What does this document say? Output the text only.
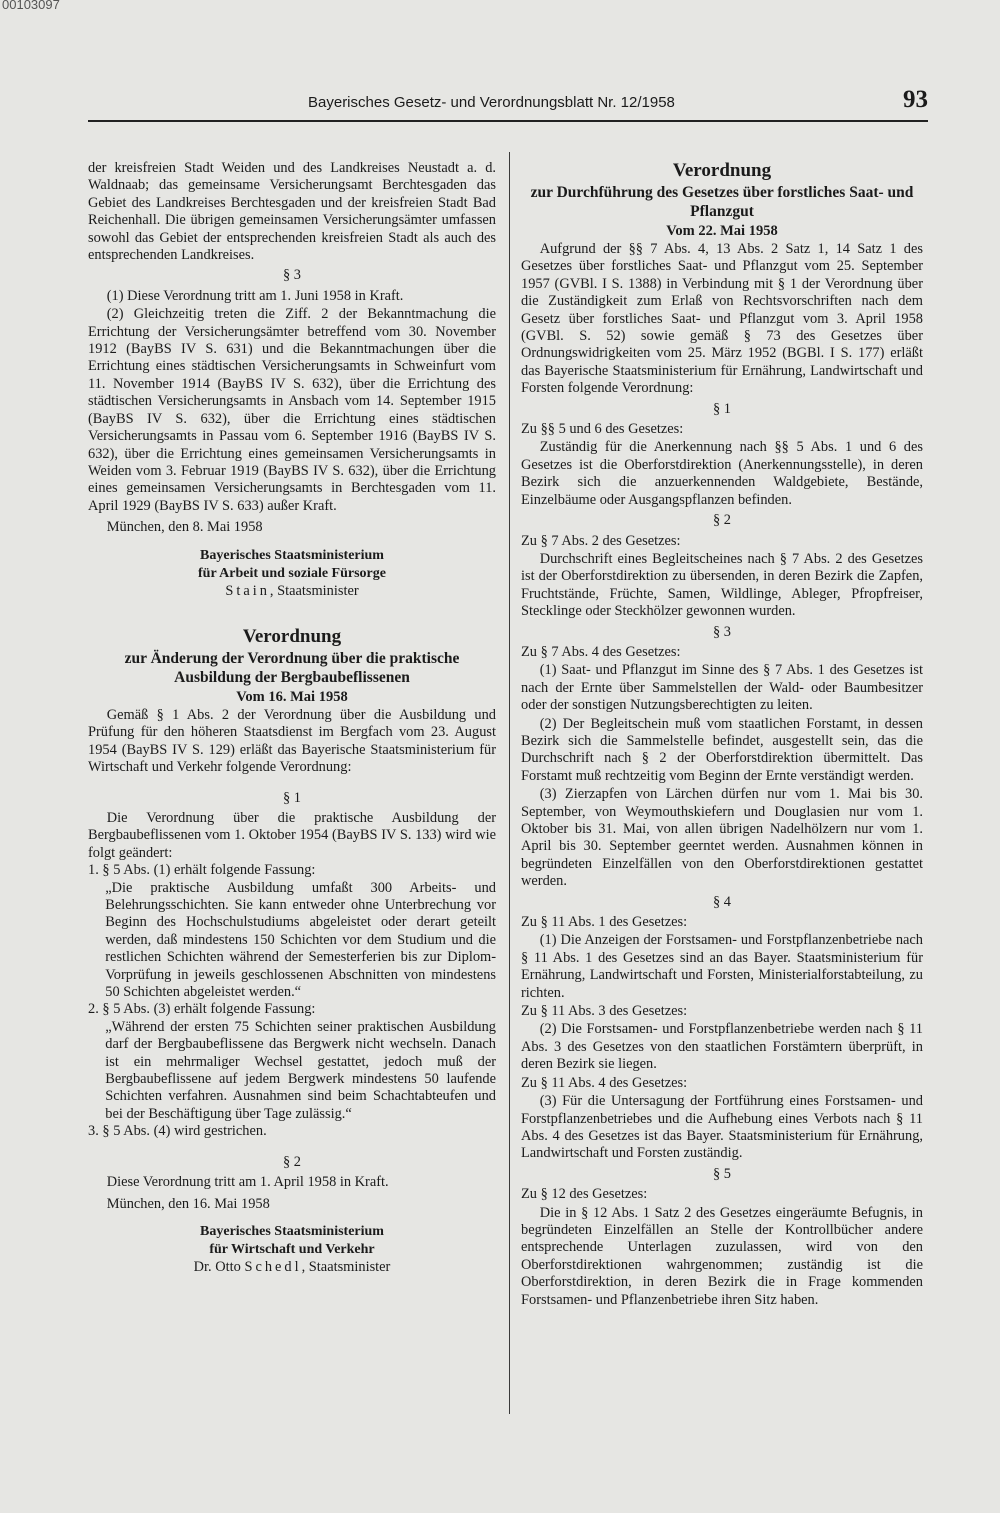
00103097
Bayerisches Gesetz- und Verordnungsblatt Nr. 12/1958	93

der kreisfreien Stadt Weiden und des Landkreises Neustadt a. d. Waldnaab; das gemeinsame Versicherungsamt Berchtesgaden das Gebiet des Landkreises Berchtesgaden und der kreisfreien Stadt Bad Reichenhall. Die übrigen gemeinsamen Versicherungsämter umfassen sowohl das Gebiet der entsprechenden kreisfreien Stadt als auch des entsprechenden Landkreises.

§ 3

(1) Diese Verordnung tritt am 1. Juni 1958 in Kraft.

(2) Gleichzeitig treten die Ziff. 2 der Bekanntmachung die Errichtung der Versicherungsämter betreffend vom 30. November 1912 (BayBS IV S. 631) und die Bekanntmachungen über die Errichtung eines städtischen Versicherungsamts in Schweinfurt vom 11. November 1914 (BayBS IV S. 632), über die Errichtung des städtischen Versicherungsamts in Ansbach vom 14. September 1915 (BayBS IV S. 632), über die Errichtung eines städtischen Versicherungsamts in Passau vom 6. September 1916 (BayBS IV S. 632), über die Errichtung eines gemeinsamen Versicherungsamts in Weiden vom 3. Februar 1919 (BayBS IV S. 632), über die Errichtung eines gemeinsamen Versicherungsamts in Berchtesgaden vom 11. April 1929 (BayBS IV S. 633) außer Kraft.

München, den 8. Mai 1958

Bayerisches Staatsministerium

für Arbeit und soziale Fürsorge

Stain, Staatsminister

Verordnung

zur Änderung der Verordnung über die praktische Ausbildung der Bergbaubeflissenen

Vom 16. Mai 1958

Gemäß § 1 Abs. 2 der Verordnung über die Ausbildung und Prüfung für den höheren Staatsdienst im Bergfach vom 23. August 1954 (BayBS IV S. 129) erläßt das Bayerische Staatsministerium für Wirtschaft und Verkehr folgende Verordnung:

§ 1

Die Verordnung über die praktische Ausbildung der Bergbaubeflissenen vom 1. Oktober 1954 (BayBS IV S. 133) wird wie folgt geändert:

1. § 5 Abs. (1) erhält folgende Fassung:
„Die praktische Ausbildung umfaßt 300 Arbeits- und Belehrungsschichten. Sie kann entweder ohne Unterbrechung vor Beginn des Hochschulstudiums abgeleistet oder derart geteilt werden, daß mindestens 150 Schichten vor dem Studium und die restlichen Schichten während der Semesterferien bis zur Diplom-Vorprüfung in jeweils geschlossenen Abschnitten von mindestens 50 Schichten abgeleistet werden.“
2. § 5 Abs. (3) erhält folgende Fassung:
„Während der ersten 75 Schichten seiner praktischen Ausbildung darf der Bergbaubeflissene das Bergwerk nicht wechseln. Danach ist ein mehrmaliger Wechsel gestattet, jedoch muß der Bergbaubeflissene auf jedem Bergwerk mindestens 50 laufende Schichten verfahren. Ausnahmen sind beim Schachtabteufen und bei der Beschäftigung über Tage zulässig.“
3. § 5 Abs. (4) wird gestrichen.

§ 2

Diese Verordnung tritt am 1. April 1958 in Kraft.

München, den 16. Mai 1958

Bayerisches Staatsministerium

für Wirtschaft und Verkehr

Dr. Otto Schedl, Staatsminister

Verordnung

zur Durchführung des Gesetzes über forstliches Saat- und Pflanzgut

Vom 22. Mai 1958

Aufgrund der §§ 7 Abs. 4, 13 Abs. 2 Satz 1, 14 Satz 1 des Gesetzes über forstliches Saat- und Pflanzgut vom 25. September 1957 (GVBl. I S. 1388) in Verbindung mit § 1 der Verordnung über die Zuständigkeit zum Erlaß von Rechtsvorschriften nach dem Gesetz über forstliches Saat- und Pflanzgut vom 3. April 1958 (GVBl. S. 52) sowie gemäß § 73 des Gesetzes über Ordnungswidrigkeiten vom 25. März 1952 (BGBl. I S. 177) erläßt das Bayerische Staatsministerium für Ernährung, Landwirtschaft und Forsten folgende Verordnung:

§ 1

Zu §§ 5 und 6 des Gesetzes:

Zuständig für die Anerkennung nach §§ 5 Abs. 1 und 6 des Gesetzes ist die Oberforstdirektion (Anerkennungsstelle), in deren Bezirk sich die anzuerkennenden Waldgebiete, Bestände, Einzelbäume oder Ausgangspflanzen befinden.

§ 2

Zu § 7 Abs. 2 des Gesetzes:

Durchschrift eines Begleitscheines nach § 7 Abs. 2 des Gesetzes ist der Oberforstdirektion zu übersenden, in deren Bezirk die Zapfen, Fruchtstände, Früchte, Samen, Wildlinge, Ableger, Pfropfreiser, Stecklinge oder Steckhölzer gewonnen wurden.

§ 3

Zu § 7 Abs. 4 des Gesetzes:

(1) Saat- und Pflanzgut im Sinne des § 7 Abs. 1 des Gesetzes ist nach der Ernte über Sammelstellen der Wald- oder Baumbesitzer oder der sonstigen Nutzungsberechtigten zu leiten.

(2) Der Begleitschein muß vom staatlichen Forstamt, in dessen Bezirk sich die Sammelstelle befindet, ausgestellt sein, das die Durchschrift nach § 2 der Oberforstdirektion übermittelt. Das Forstamt muß rechtzeitig vom Beginn der Ernte verständigt werden.

(3) Zierzapfen von Lärchen dürfen nur vom 1. Mai bis 30. September, von Weymouthskiefern und Douglasien nur vom 1. Oktober bis 31. Mai, von allen übrigen Nadelhölzern nur vom 1. April bis 30. September geerntet werden. Ausnahmen können in begründeten Einzelfällen von den Oberforstdirektionen gestattet werden.

§ 4

Zu § 11 Abs. 1 des Gesetzes:

(1) Die Anzeigen der Forstsamen- und Forstpflanzenbetriebe nach § 11 Abs. 1 des Gesetzes sind an das Bayer. Staatsministerium für Ernährung, Landwirtschaft und Forsten, Ministerialforstabteilung, zu richten.

Zu § 11 Abs. 3 des Gesetzes:

(2) Die Forstsamen- und Forstpflanzenbetriebe werden nach § 11 Abs. 3 des Gesetzes von den staatlichen Forstämtern überprüft, in deren Bezirk sie liegen.

Zu § 11 Abs. 4 des Gesetzes:

(3) Für die Untersagung der Fortführung eines Forstsamen- und Forstpflanzenbetriebes und die Aufhebung eines Verbots nach § 11 Abs. 4 des Gesetzes ist das Bayer. Staatsministerium für Ernährung, Landwirtschaft und Forsten zuständig.

§ 5

Zu § 12 des Gesetzes:

Die in § 12 Abs. 1 Satz 2 des Gesetzes eingeräumte Befugnis, in begründeten Einzelfällen an Stelle der Kontrollbücher andere entsprechende Unterlagen zuzulassen, wird von den Oberforstdirektionen wahrgenommen; zuständig ist die Oberforstdirektion, in deren Bezirk die in Frage kommenden Forstsamen- und Pflanzenbetriebe ihren Sitz haben.
